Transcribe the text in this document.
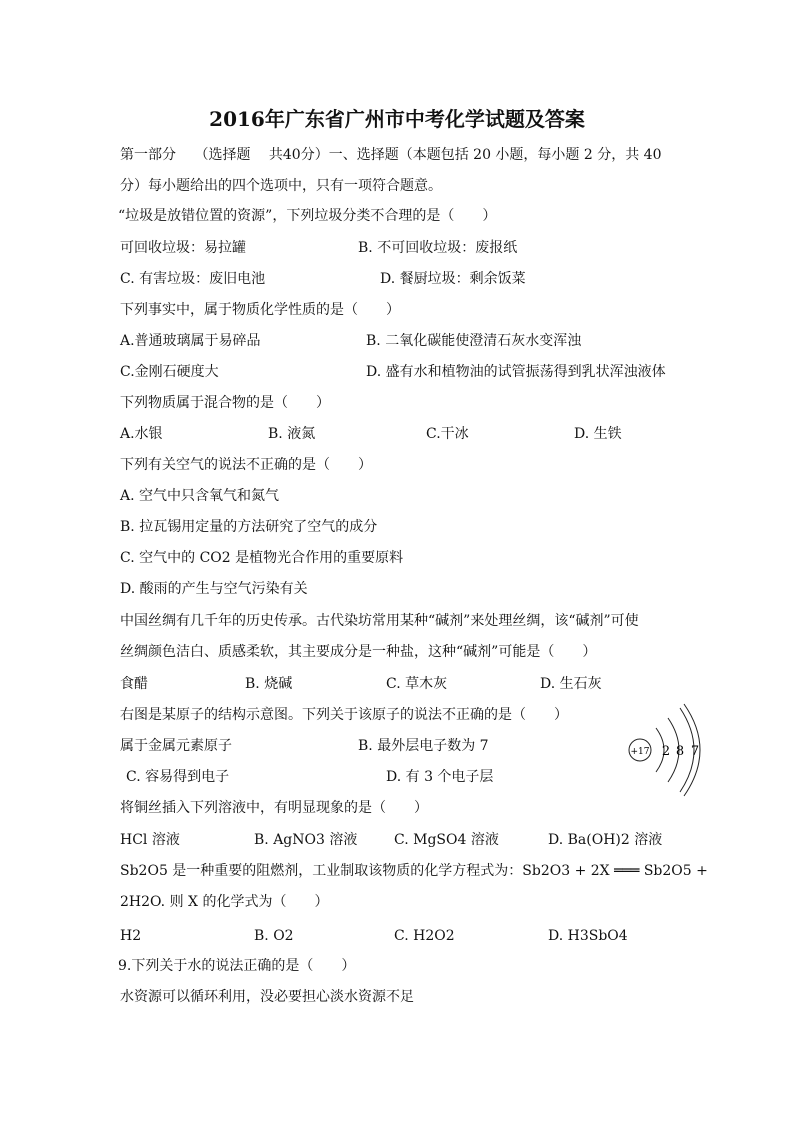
2016年广东省广州市中考化学试题及答案
第一部分　 （选择题　 共40分）一、选择题（本题包括 20 小题，每小题 2 分，共 40
分）每小题给出的四个选项中，只有一项符合题意。
“垃圾是放错位置的资源”，下列垃圾分类不合理的是（　　）
可回收垃圾：易拉罐	B. 不可回收垃圾：废报纸
C. 有害垃圾：废旧电池	D. 餐厨垃圾：剩余饭菜
下列事实中，属于物质化学性质的是（　　）
A.普通玻璃属于易碎品	B. 二氧化碳能使澄清石灰水变浑浊
C.金刚石硬度大	D. 盛有水和植物油的试管振荡得到乳状浑浊液体
下列物质属于混合物的是（　　）
A.水银	B. 液氮	C.干冰	D. 生铁
下列有关空气的说法不正确的是（　　）
A. 空气中只含氧气和氮气
B. 拉瓦锡用定量的方法研究了空气的成分
C. 空气中的 CO2 是植物光合作用的重要原料
D. 酸雨的产生与空气污染有关
中国丝绸有几千年的历史传承。古代染坊常用某种“碱剂”来处理丝绸，该“碱剂”可使
丝绸颜色洁白、质感柔软，其主要成分是一种盐，这种“碱剂”可能是（　　）
食醋	B. 烧碱	C. 草木灰	D. 生石灰
右图是某原子的结构示意图。下列关于该原子的说法不正确的是（　　）
属于金属元素原子	B. 最外层电子数为 7
C. 容易得到电子	D. 有 3 个电子层
+17 2 8 7
将铜丝插入下列溶液中，有明显现象的是（　　）
HCl 溶液	B. AgNO3 溶液	C. MgSO4 溶液	D. Ba(OH)2 溶液
Sb2O5 是一种重要的阻燃剂，工业制取该物质的化学方程式为：Sb2O3 + 2X ═══ Sb2O5 +
2H2O. 则 X 的化学式为（　　）
H2	B. O2	C. H2O2	D. H3SbO4
9.下列关于水的说法正确的是（　　）
水资源可以循环利用，没必要担心淡水资源不足
